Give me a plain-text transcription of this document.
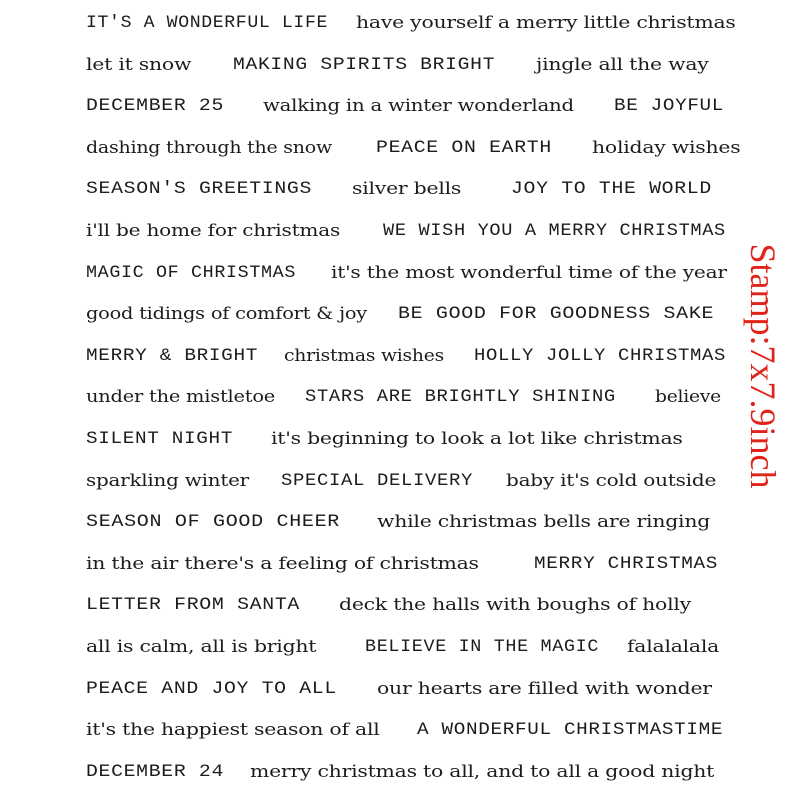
IT'S A WONDERFUL LIFE have yourself a merry little christmas
let it snow MAKING SPIRITS BRIGHT jingle all the way
DECEMBER 25 walking in a winter wonderland BE JOYFUL
dashing through the snow	PEACE ON EARTH holiday wishes
SEASON'S GREETINGS silver bells	JOY TO THE WORLD
i'll be home for christmas WE WISH YOU A MERRY CHRISTMAS
MAGIC OF CHRISTMAS it's the most wonderful time of the year
good tidings of comfort & joy BE GOOD FOR GOODNESS SAKE
MERRY & BRIGHT christmas wishes HOLLY JOLLY CHRISTMAS
under the mistletoe STARS ARE BRIGHTLY SHINING believe
SILENT NIGHT it's beginning to look a lot like christmas
sparkling winter SPECIAL DELIVERY baby it's cold outside
SEASON OF GOOD CHEER while christmas bells are ringing
in the air there's a feeling of christmas	MERRY CHRISTMAS
LETTER FROM SANTA deck the halls with boughs of holly
all is calm, all is bright	BELIEVE IN THE MAGIC falalalala
PEACE AND JOY TO ALL our hearts are filled with wonder
it's the happiest season of all A WONDERFUL CHRISTMASTIME
DECEMBER 24 merry christmas to all, and to all a good night
Stamp:7x7.9inch
